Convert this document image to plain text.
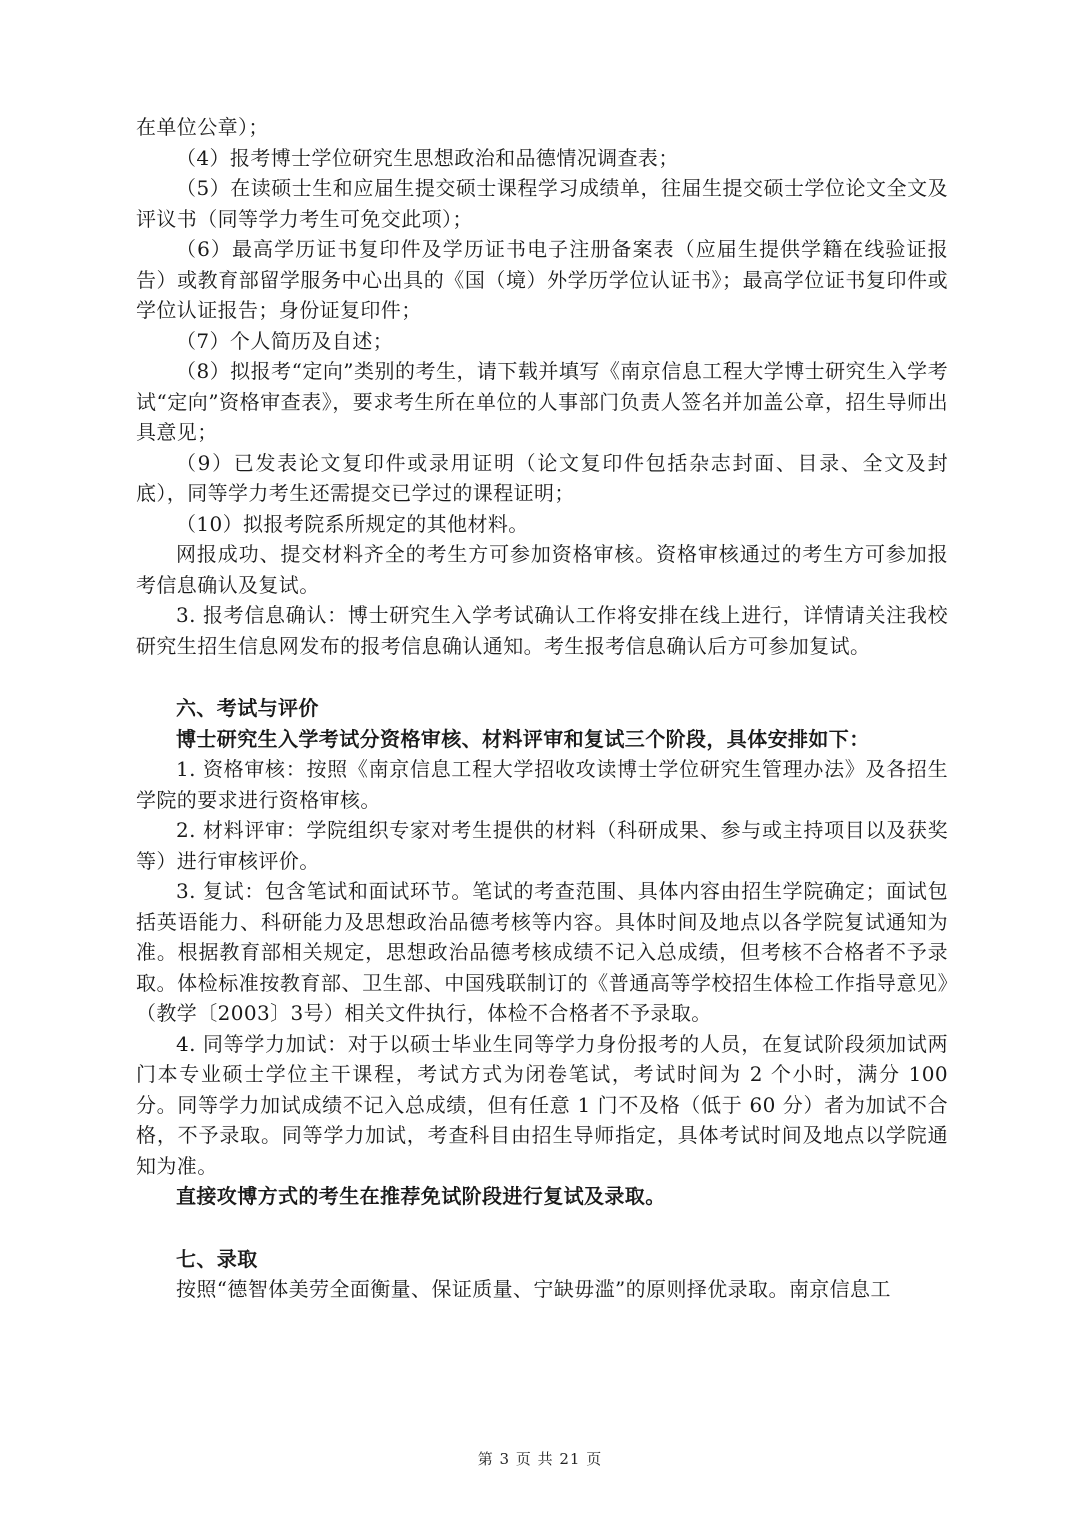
在单位公章）；

（4）报考博士学位研究生思想政治和品德情况调查表；

（5）在读硕士生和应届生提交硕士课程学习成绩单，往届生提交硕士学位论文全文及评议书（同等学力考生可免交此项）；

（6）最高学历证书复印件及学历证书电子注册备案表（应届生提供学籍在线验证报告）或教育部留学服务中心出具的《国（境）外学历学位认证书》；最高学位证书复印件或学位认证报告；身份证复印件；

（7）个人简历及自述；

（8）拟报考“定向”类别的考生，请下载并填写《南京信息工程大学博士研究生入学考试“定向”资格审查表》，要求考生所在单位的人事部门负责人签名并加盖公章，招生导师出具意见；

（9）已发表论文复印件或录用证明（论文复印件包括杂志封面、目录、全文及封底），同等学力考生还需提交已学过的课程证明；

（10）拟报考院系所规定的其他材料。

网报成功、提交材料齐全的考生方可参加资格审核。资格审核通过的考生方可参加报考信息确认及复试。

3. 报考信息确认：博士研究生入学考试确认工作将安排在线上进行，详情请关注我校研究生招生信息网发布的报考信息确认通知。考生报考信息确认后方可参加复试。

六、考试与评价

博士研究生入学考试分资格审核、材料评审和复试三个阶段，具体安排如下：

1. 资格审核：按照《南京信息工程大学招收攻读博士学位研究生管理办法》及各招生学院的要求进行资格审核。

2. 材料评审：学院组织专家对考生提供的材料（科研成果、参与或主持项目以及获奖等）进行审核评价。

3. 复试：包含笔试和面试环节。笔试的考查范围、具体内容由招生学院确定；面试包括英语能力、科研能力及思想政治品德考核等内容。具体时间及地点以各学院复试通知为准。根据教育部相关规定，思想政治品德考核成绩不记入总成绩，但考核不合格者不予录取。体检标准按教育部、卫生部、中国残联制订的《普通高等学校招生体检工作指导意见》（教学〔2003〕3号）相关文件执行，体检不合格者不予录取。

4. 同等学力加试：对于以硕士毕业生同等学力身份报考的人员，在复试阶段须加试两门本专业硕士学位主干课程，考试方式为闭卷笔试，考试时间为 2 个小时，满分 100 分。同等学力加试成绩不记入总成绩，但有任意 1 门不及格（低于 60 分）者为加试不合格，不予录取。同等学力加试，考查科目由招生导师指定，具体考试时间及地点以学院通知为准。

直接攻博方式的考生在推荐免试阶段进行复试及录取。

七、录取

按照“德智体美劳全面衡量、保证质量、宁缺毋滥”的原则择优录取。南京信息工

第 3 页 共 21 页
